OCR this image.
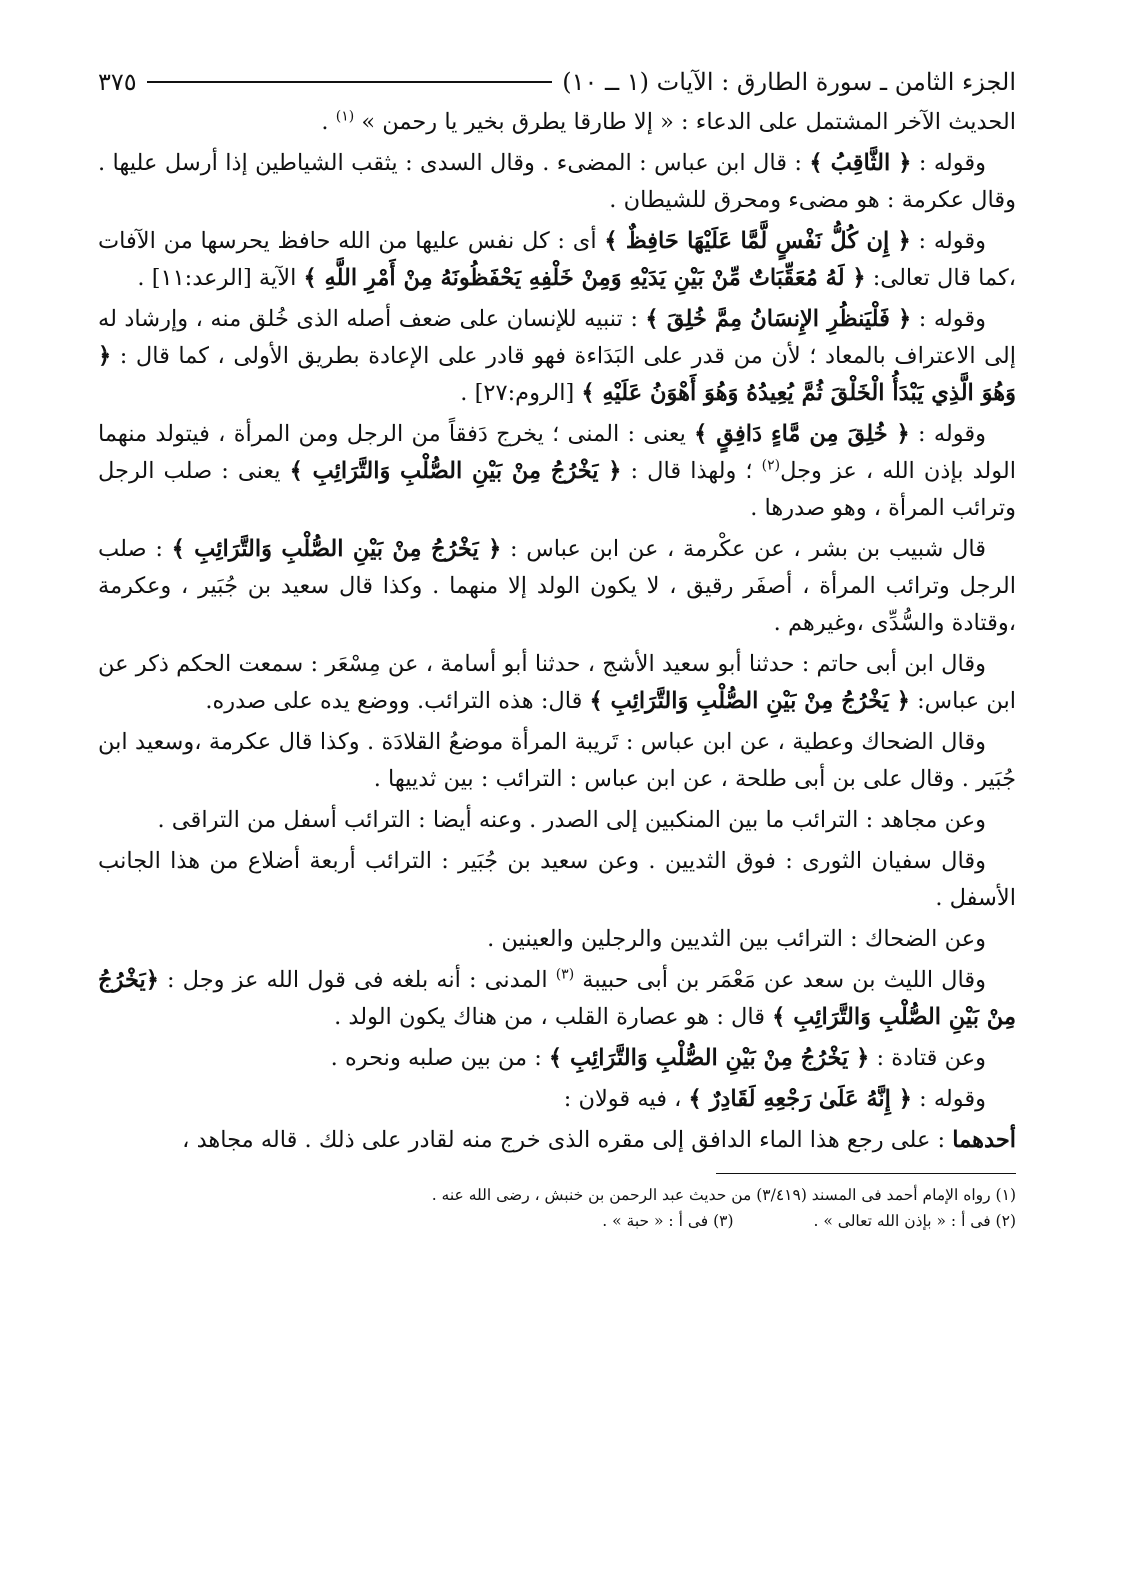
الجزء الثامن ـ سورة الطارق : الآيات (١ ــ ١٠)
٣٧٥

الحديث الآخر المشتمل على الدعاء : « إلا طارقا يطرق بخير يا رحمن » $^{(١)}$ .

وقوله : ﴿ الثَّاقِبُ ﴾ : قال ابن عباس : المضىء . وقال السدى : يثقب الشياطين إذا أرسل عليها . وقال عكرمة : هو مضىء ومحرق للشيطان .

وقوله : ﴿ إِن كُلُّ نَفْسٍ لَّمَّا عَلَيْهَا حَافِظٌ ﴾ أى : كل نفس عليها من الله حافظ يحرسها من الآفات ،كما قال تعالى: ﴿ لَهُ مُعَقِّبَاتٌ مِّنْ بَيْنِ يَدَيْهِ وَمِنْ خَلْفِهِ يَحْفَظُونَهُ مِنْ أَمْرِ اللَّهِ ﴾ الآية [الرعد:١١] .

وقوله : ﴿ فَلْيَنظُرِ الإِنسَانُ مِمَّ خُلِقَ ﴾ : تنبيه للإنسان على ضعف أصله الذى خُلق منه ، وإرشاد له إلى الاعتراف بالمعاد ؛ لأن من قدر على البَدَاءة فهو قادر على الإعادة بطريق الأولى ، كما قال : ﴿ وَهُوَ الَّذِي يَبْدَأُ الْخَلْقَ ثُمَّ يُعِيدُهُ وَهُوَ أَهْوَنُ عَلَيْهِ ﴾ [الروم:٢٧] .

وقوله : ﴿ خُلِقَ مِن مَّاءٍ دَافِقٍ ﴾ يعنى : المنى ؛ يخرج دَفقاً من الرجل ومن المرأة ، فيتولد منهما الولد بإذن الله ، عز وجل$^{(٢)}$ ؛ ولهذا قال : ﴿ يَخْرُجُ مِنْ بَيْنِ الصُّلْبِ وَالتَّرَائِبِ ﴾ يعنى : صلب الرجل وترائب المرأة ، وهو صدرها .

قال شبيب بن بشر ، عن عكْرمة ، عن ابن عباس : ﴿ يَخْرُجُ مِنْ بَيْنِ الصُّلْبِ وَالتَّرَائِبِ ﴾ : صلب الرجل وترائب المرأة ، أصفَر رقيق ، لا يكون الولد إلا منهما . وكذا قال سعيد بن جُبَير ، وعكرمة ،وقتادة والسُّدِّى ،وغيرهم .

وقال ابن أبى حاتم : حدثنا أبو سعيد الأشج ، حدثنا أبو أسامة ، عن مِسْعَر : سمعت الحكم ذكر عن ابن عباس: ﴿ يَخْرُجُ مِنْ بَيْنِ الصُّلْبِ وَالتَّرَائِبِ ﴾ قال: هذه الترائب. ووضع يده على صدره.

وقال الضحاك وعطية ، عن ابن عباس : تَريبة المرأة موضعُ القلادَة . وكذا قال عكرمة ،وسعيد ابن جُبَير . وقال على بن أبى طلحة ، عن ابن عباس : الترائب : بين ثدييها .

وعن مجاهد : الترائب ما بين المنكبين إلى الصدر . وعنه أيضا : الترائب أسفل من التراقى .

وقال سفيان الثورى : فوق الثديين . وعن سعيد بن جُبَير : الترائب أربعة أضلاع من هذا الجانب الأسفل .

وعن الضحاك : الترائب بين الثديين والرجلين والعينين .

وقال الليث بن سعد عن مَعْمَر بن أبى حبيبة $^{(٣)}$ المدنى : أنه بلغه فى قول الله عز وجل : ﴿يَخْرُجُ مِنْ بَيْنِ الصُّلْبِ وَالتَّرَائِبِ ﴾ قال : هو عصارة القلب ، من هناك يكون الولد .

وعن قتادة : ﴿ يَخْرُجُ مِنْ بَيْنِ الصُّلْبِ وَالتَّرَائِبِ ﴾ : من بين صلبه ونحره .

وقوله : ﴿ إِنَّهُ عَلَىٰ رَجْعِهِ لَقَادِرٌ ﴾ ، فيه قولان :

أحدهما : على رجع هذا الماء الدافق إلى مقره الذى خرج منه لقادر على ذلك . قاله مجاهد ،

(١) رواه الإمام أحمد فى المسند (٣/٤١٩) من حديث عبد الرحمن بن خنبش ، رضى الله عنه .

(٢) فى أ : « بإذن الله تعالى » .
(٣) فى أ : « حبة » .
